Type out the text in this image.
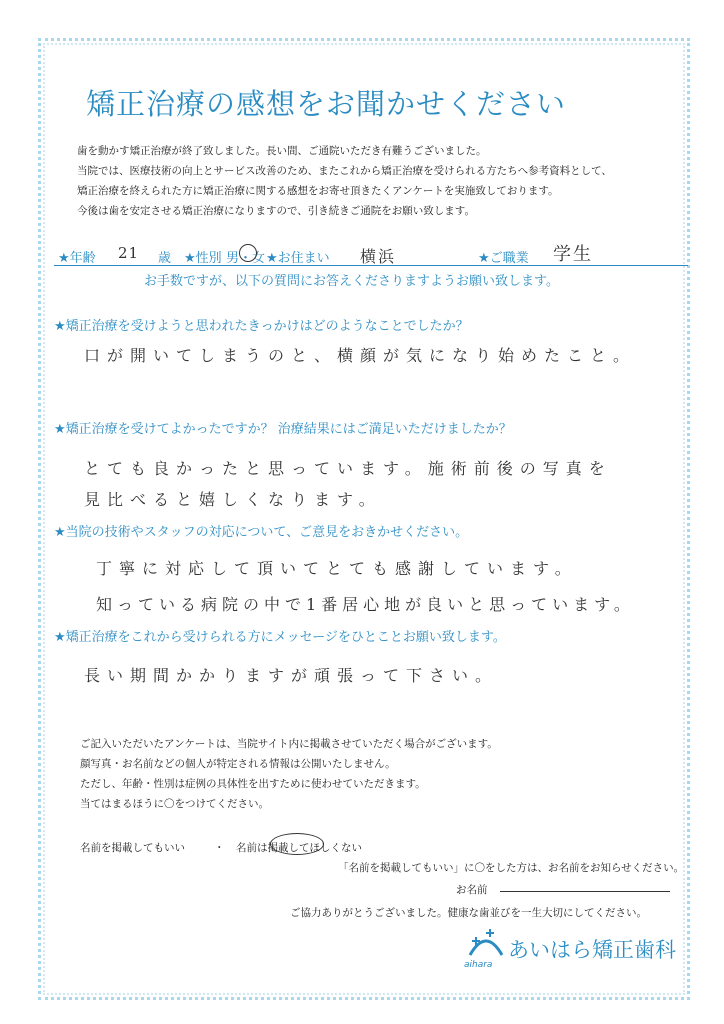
矯正治療の感想をお聞かせください
歯を動かす矯正治療が終了致しました。長い間、ご通院いただき有難うございました。
当院では、医療技術の向上とサービス改善のため、またこれから矯正治療を受けられる方たちへ参考資料として、
矯正治療を終えられた方に矯正治療に関する感想をお寄せ頂きたくアンケートを実施致しております。
今後は歯を安定させる矯正治療になりますので、引き続きご通院をお願い致します。
★年齢 21 歳 ★性別 男・女 ★お住まい 横浜	★ご職業 学生
お手数ですが、以下の質問にお答えくださりますようお願い致します。
★矯正治療を受けようと思われたきっかけはどのようなことでしたか？
口が開いてしまうのと、横顔が気になり始めたこと。
★矯正治療を受けてよかったですか？ 治療結果にはご満足いただけましたか？
とても良かったと思っています。施術前後の写真を
見比べると嬉しくなります。
★当院の技術やスタッフの対応について、ご意見をおきかせください。
丁寧に対応して頂いてとても感謝しています。
知っている病院の中で1番居心地が良いと思っています。
★矯正治療をこれから受けられる方にメッセージをひとことお願い致します。
長い期間かかりますが頑張って下さい。
ご記入いただいたアンケートは、当院サイト内に掲載させていただく場合がございます。
顔写真・お名前などの個人が特定される情報は公開いたしません。
ただし、年齢・性別は症例の具体性を出すために使わせていただきます。
当てはまるほうに〇をつけてください。
名前を掲載してもいい	・ 名前は掲載してほしくない
「名前を掲載してもいい」に〇をした方は、お名前をお知らせください。
お名前
ご協力ありがとうございました。健康な歯並びを一生大切にしてください。
あいはら矯正歯科
aihara
